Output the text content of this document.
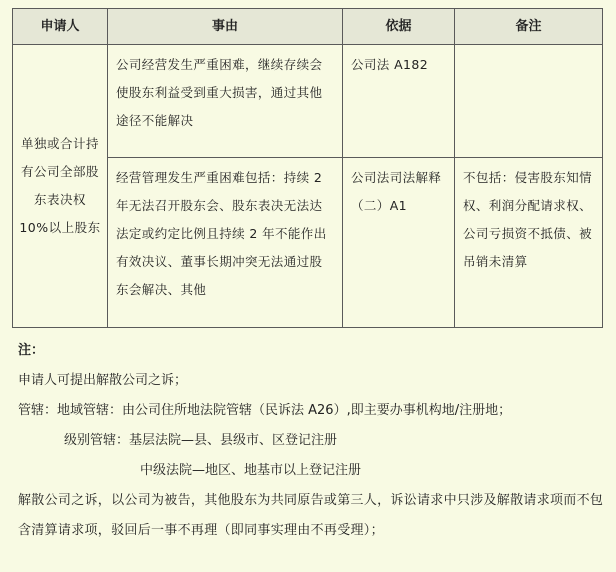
申请人	事由	依据	备注
单独或合计持有公司全部股东表决权 10%以上股东	公司经营发生严重困难，继续存续会使股东利益受到重大损害，通过其他途径不能解决	公司法 A182	
	经营管理发生严重困难包括：持续 2 年无法召开股东会、股东表决无法达法定或约定比例且持续 2 年不能作出有效决议、董事长期冲突无法通过股东会解决、其他	公司法司法解释（二）A1	不包括：侵害股东知情权、利润分配请求权、公司亏损资不抵债、被吊销未清算
注：
申请人可提出解散公司之诉；
管辖：地域管辖：由公司住所地法院管辖（民诉法 A26）,即主要办事机构地/注册地；
级别管辖：基层法院—县、县级市、区登记注册
中级法院—地区、地基市以上登记注册
解散公司之诉，以公司为被告，其他股东为共同原告或第三人，诉讼请求中只涉及解散请求项而不包含清算请求项，驳回后一事不再理（即同事实理由不再受理）；
